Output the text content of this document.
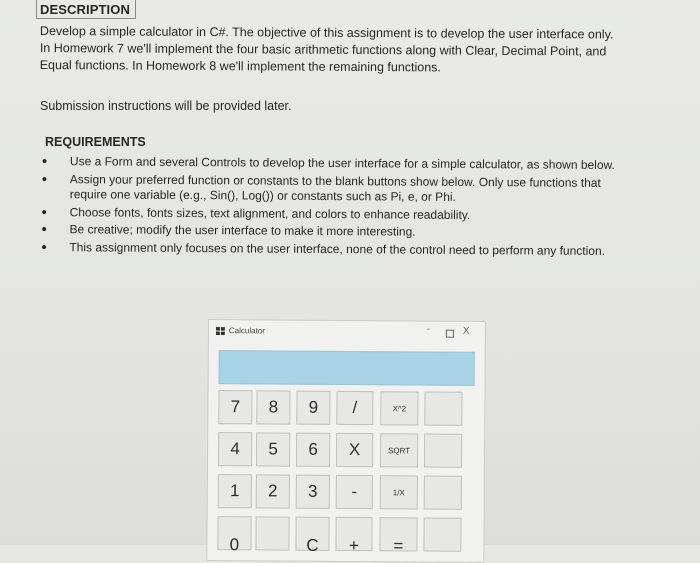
DESCRIPTION
Develop a simple calculator in C#. The objective of this assignment is to develop the user interface only.
In Homework 7 we'll implement the four basic arithmetic functions along with Clear, Decimal Point, and
Equal functions. In Homework 8 we'll implement the remaining functions.
Submission instructions will be provided later.
REQUIREMENTS
• Use a Form and several Controls to develop the user interface for a simple calculator, as shown below.
• Assign your preferred function or constants to the blank buttons show below. Only use functions that require one variable (e.g., Sin(), Log()) or constants such as Pi, e, or Phi.
• Choose fonts, fonts sizes, text alignment, and colors to enhance readability.
• Be creative; modify the user interface to make it more interesting.
• This assignment only focuses on the user interface, none of the control need to perform any function.
Calculator	-	X
7	8	9	/	X^2
4	5	6	X	SQRT
1	2	3	-	1/X
0	C	+	=
